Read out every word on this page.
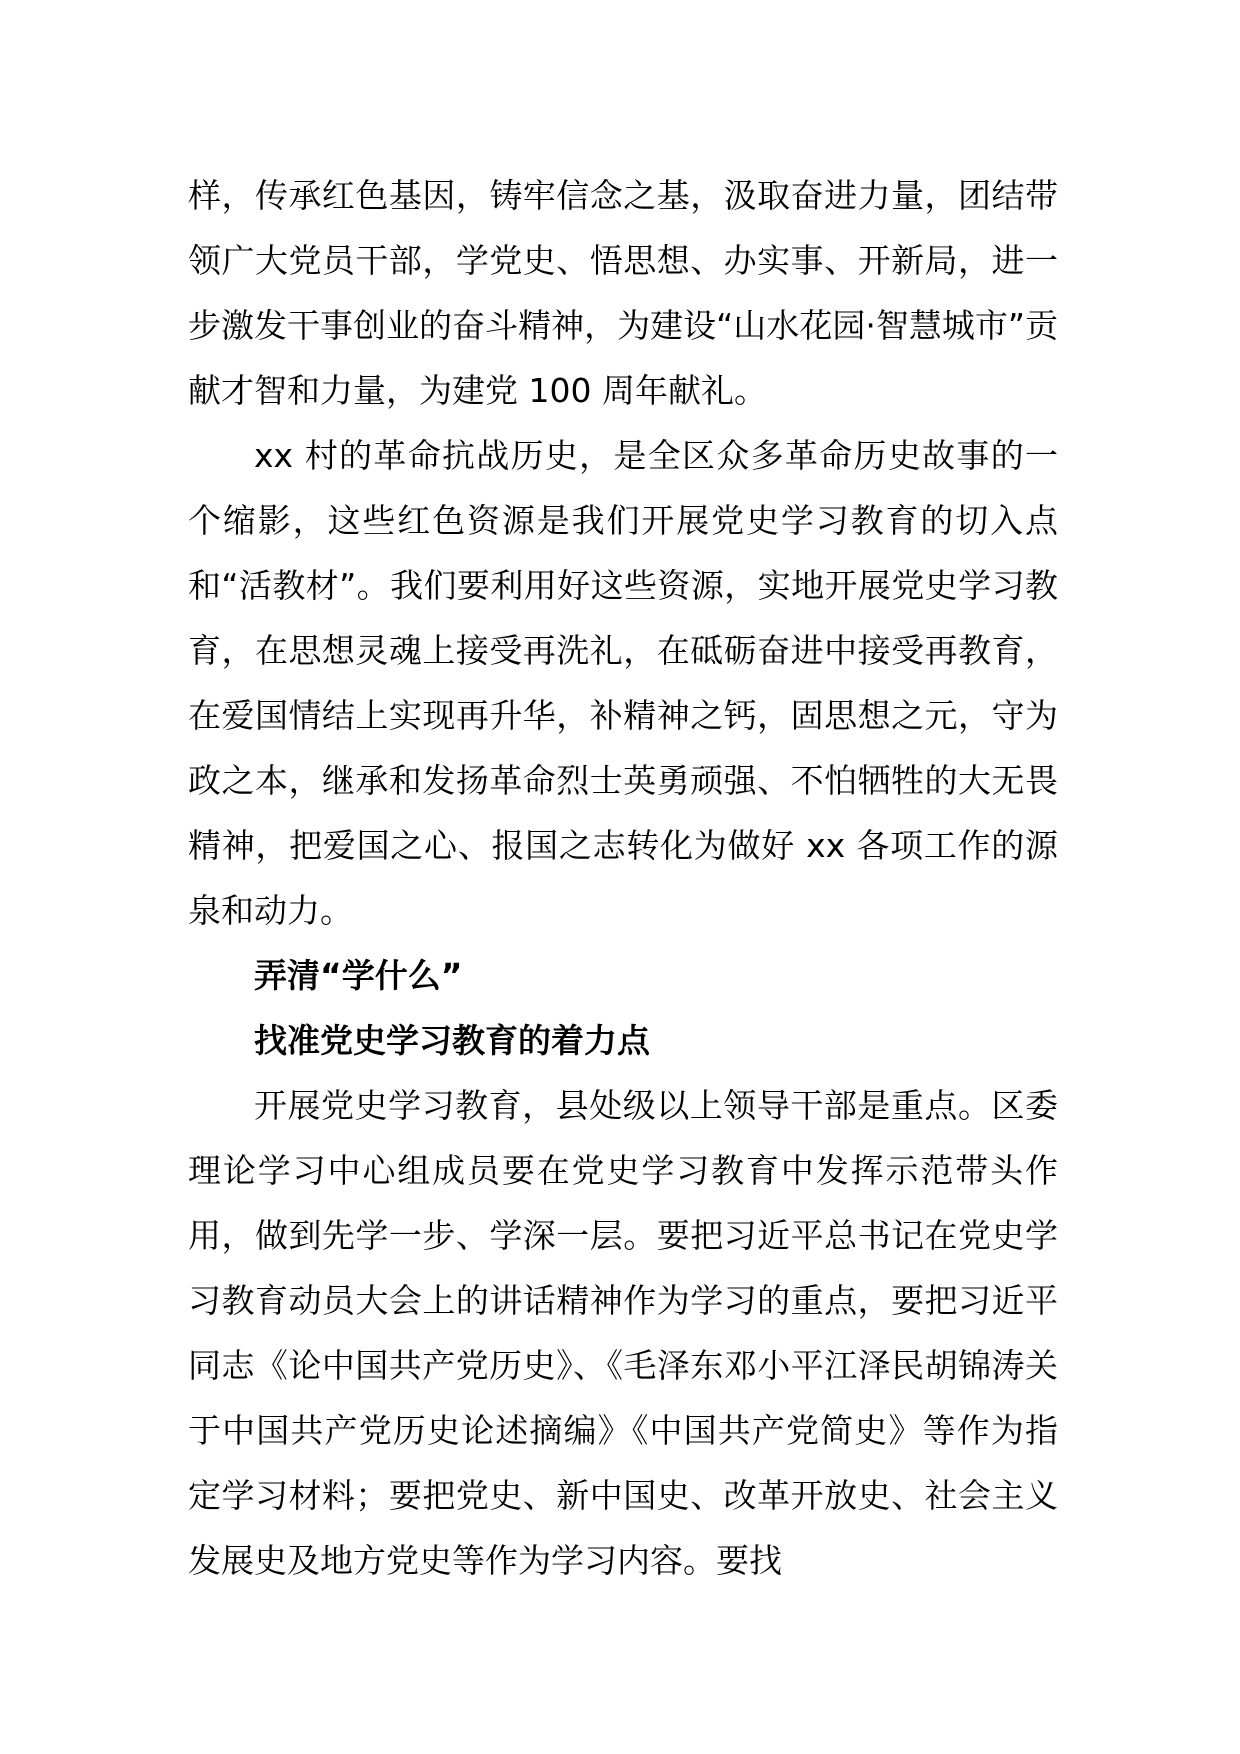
样，传承红色基因，铸牢信念之基，汲取奋进力量，团结带领广大党员干部，学党史、悟思想、办实事、开新局，进一步激发干事创业的奋斗精神，为建设“山水花园·智慧城市”贡献才智和力量，为建党 100 周年献礼。

xx 村的革命抗战历史，是全区众多革命历史故事的一个缩影，这些红色资源是我们开展党史学习教育的切入点和“活教材”。我们要利用好这些资源，实地开展党史学习教育，在思想灵魂上接受再洗礼，在砥砺奋进中接受再教育，在爱国情结上实现再升华，补精神之钙，固思想之元，守为政之本，继承和发扬革命烈士英勇顽强、不怕牺牲的大无畏精神，把爱国之心、报国之志转化为做好 xx 各项工作的源泉和动力。

弄清“学什么”

找准党史学习教育的着力点

开展党史学习教育，县处级以上领导干部是重点。区委理论学习中心组成员要在党史学习教育中发挥示范带头作用，做到先学一步、学深一层。要把习近平总书记在党史学习教育动员大会上的讲话精神作为学习的重点，要把习近平同志《论中国共产党历史》、《毛泽东邓小平江泽民胡锦涛关于中国共产党历史论述摘编》《中国共产党简史》等作为指定学习材料；要把党史、新中国史、改革开放史、社会主义发展史及地方党史等作为学习内容。要找
